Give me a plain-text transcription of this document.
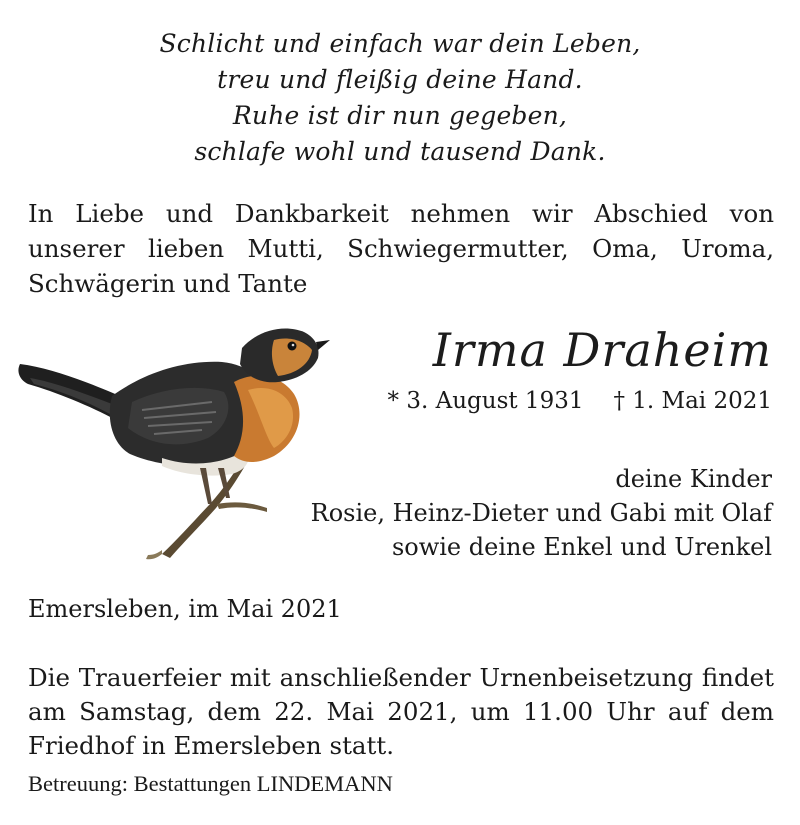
Schlicht und einfach war dein Leben,
treu und fleißig deine Hand.
Ruhe ist dir nun gegeben,
schlafe wohl und tausend Dank.
In Liebe und Dankbarkeit nehmen wir Abschied von unserer lieben Mutti, Schwiegermutter, Oma, Uroma, Schwägerin und Tante
Irma Draheim
* 3. August 1931 † 1. Mai 2021
deine Kinder
Rosie, Heinz-Dieter und Gabi mit Olaf
sowie deine Enkel und Urenkel
Emersleben, im Mai 2021
Die Trauerfeier mit anschließender Urnenbeisetzung findet am Samstag, dem 22. Mai 2021, um 11.00 Uhr auf dem Friedhof in Emersleben statt.
Betreuung: Bestattungen LINDEMANN
